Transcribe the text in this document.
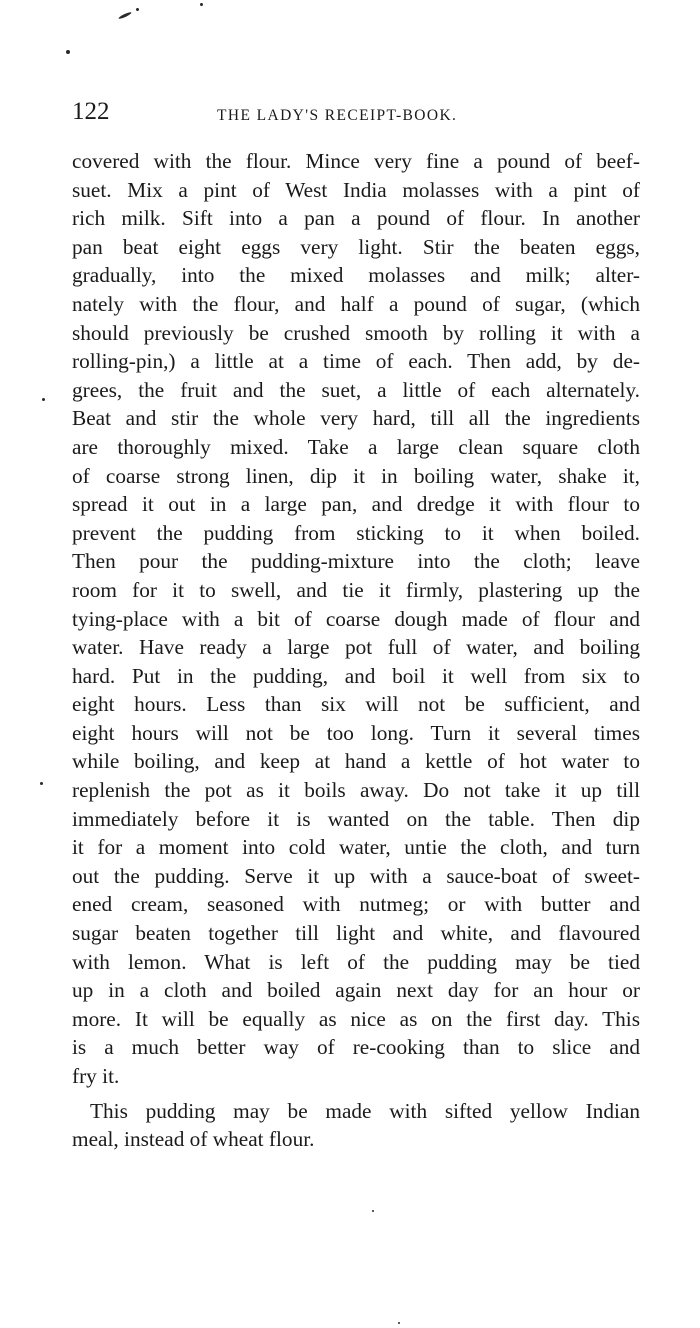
122	THE LADY'S RECEIPT-BOOK.
covered with the flour. Mince very fine a pound of beef-
suet. Mix a pint of West India molasses with a pint of
rich milk. Sift into a pan a pound of flour. In another
pan beat eight eggs very light. Stir the beaten eggs,
gradually, into the mixed molasses and milk; alter-
nately with the flour, and half a pound of sugar, (which
should previously be crushed smooth by rolling it with a
rolling-pin,) a little at a time of each. Then add, by de-
grees, the fruit and the suet, a little of each alternately.
Beat and stir the whole very hard, till all the ingredients
are thoroughly mixed. Take a large clean square cloth
of coarse strong linen, dip it in boiling water, shake it,
spread it out in a large pan, and dredge it with flour to
prevent the pudding from sticking to it when boiled.
Then pour the pudding-mixture into the cloth; leave
room for it to swell, and tie it firmly, plastering up the
tying-place with a bit of coarse dough made of flour and
water. Have ready a large pot full of water, and boiling
hard. Put in the pudding, and boil it well from six to
eight hours. Less than six will not be sufficient, and
eight hours will not be too long. Turn it several times
while boiling, and keep at hand a kettle of hot water to
replenish the pot as it boils away. Do not take it up till
immediately before it is wanted on the table. Then dip
it for a moment into cold water, untie the cloth, and turn
out the pudding. Serve it up with a sauce-boat of sweet-
ened cream, seasoned with nutmeg; or with butter and
sugar beaten together till light and white, and flavoured
with lemon. What is left of the pudding may be tied
up in a cloth and boiled again next day for an hour or
more. It will be equally as nice as on the first day. This
is a much better way of re-cooking than to slice and
fry it.
This pudding may be made with sifted yellow Indian
meal, instead of wheat flour.
